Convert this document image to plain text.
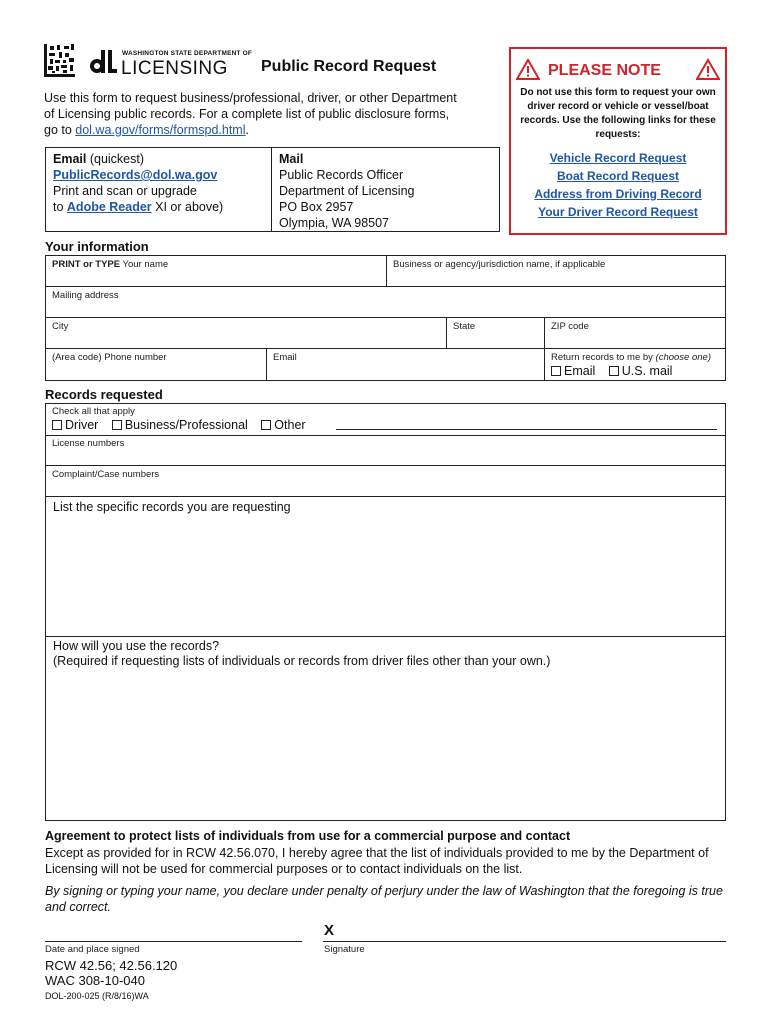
WASHINGTON STATE DEPARTMENT OF
LICENSING Public Record Request
Use this form to request business/professional, driver, or other Department of Licensing public records. For a complete list of public disclosure forms, go to dol.wa.gov/forms/formspd.html.
Email (quickest)
PublicRecords@dol.wa.gov
Print and scan or upgrade
to Adobe Reader XI or above)
Mail
Public Records Officer
Department of Licensing
PO Box 2957
Olympia, WA 98507
PLEASE NOTE
Do not use this form to request your own driver record or vehicle or vessel/boat records. Use the following links for these requests:
Vehicle Record Request
Boat Record Request
Address from Driving Record
Your Driver Record Request
Your information
PRINT or TYPE Your name	Business or agency/jurisdiction name, if applicable
Mailing address
City	State	ZIP code
(Area code) Phone number	Email	Return records to me by (choose one)
Email U.S. mail
Records requested
Check all that apply
Driver Business/Professional Other
License numbers
Complaint/Case numbers
List the specific records you are requesting
How will you use the records?
(Required if requesting lists of individuals or records from driver files other than your own.)
Agreement to protect lists of individuals from use for a commercial purpose and contact
Except as provided for in RCW 42.56.070, I hereby agree that the list of individuals provided to me by the Department of Licensing will not be used for commercial purposes or to contact individuals on the list.
By signing or typing your name, you declare under penalty of perjury under the law of Washington that the foregoing is true and correct.
X
Date and place signed	Signature
RCW 42.56; 42.56.120
WAC 308-10-040
DOL-200-025 (R/8/16)WA
